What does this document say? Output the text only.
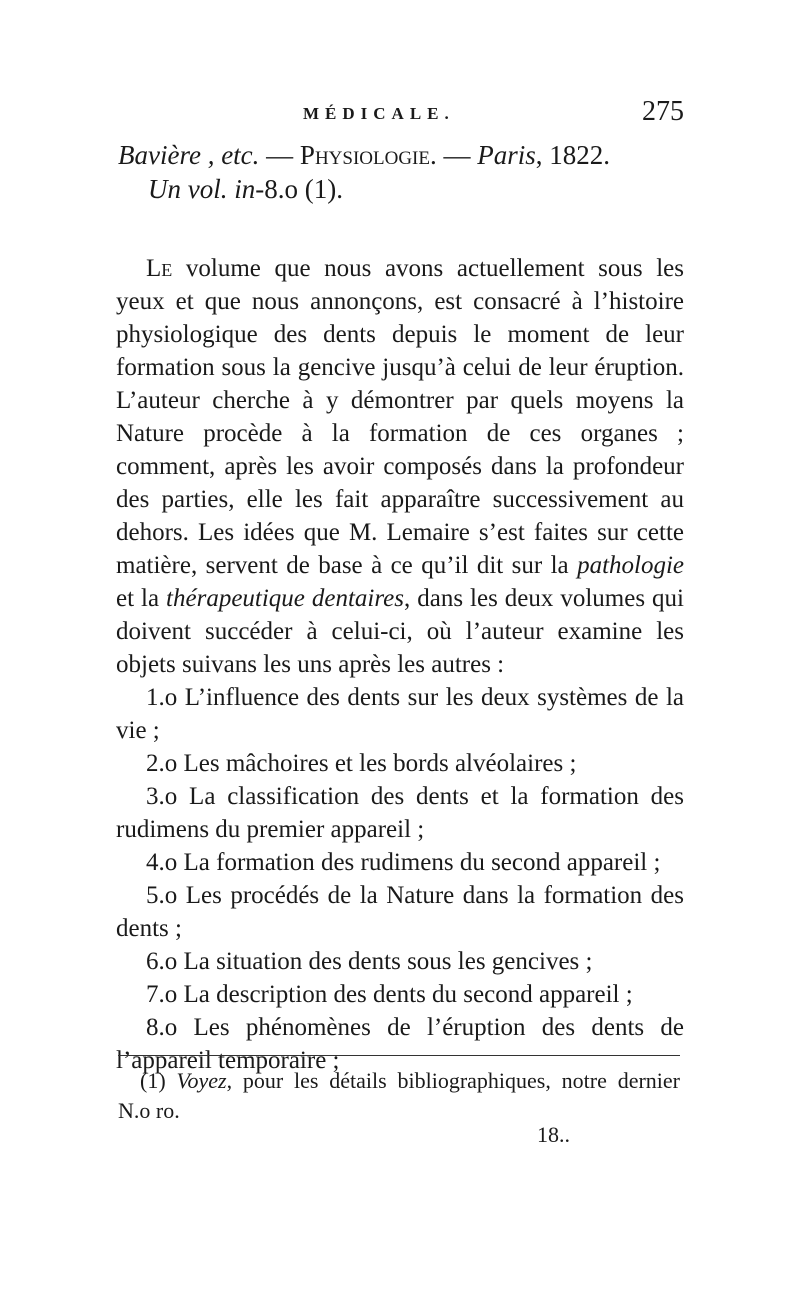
MÉDICALE.	275
Bavière , etc. — Physiologie. — Paris, 1822.
Un vol. in-8.o (1).

Le volume que nous avons actuellement sous les yeux et que nous annonçons, est consacré à l’histoire physiologique des dents depuis le moment de leur formation sous la gencive jusqu’à celui de leur éruption. L’auteur cherche à y démontrer par quels moyens la Nature procède à la formation de ces organes ; comment, après les avoir composés dans la profondeur des parties, elle les fait apparaître successivement au dehors. Les idées que M. Lemaire s’est faites sur cette matière, servent de base à ce qu’il dit sur la pathologie et la thérapeutique dentaires, dans les deux volumes qui doivent succéder à celui-ci, où l’auteur examine les objets suivans les uns après les autres :

1.o L’influence des dents sur les deux systèmes de la vie ;

2.o Les mâchoires et les bords alvéolaires ;

3.o La classification des dents et la formation des rudimens du premier appareil ;

4.o La formation des rudimens du second appareil ;

5.o Les procédés de la Nature dans la formation des dents ;

6.o La situation des dents sous les gencives ;

7.o La description des dents du second appareil ;

8.o Les phénomènes de l’éruption des dents de l’appareil temporaire ;

(1) Voyez, pour les détails bibliographiques, notre dernier N.o ro.

18..
